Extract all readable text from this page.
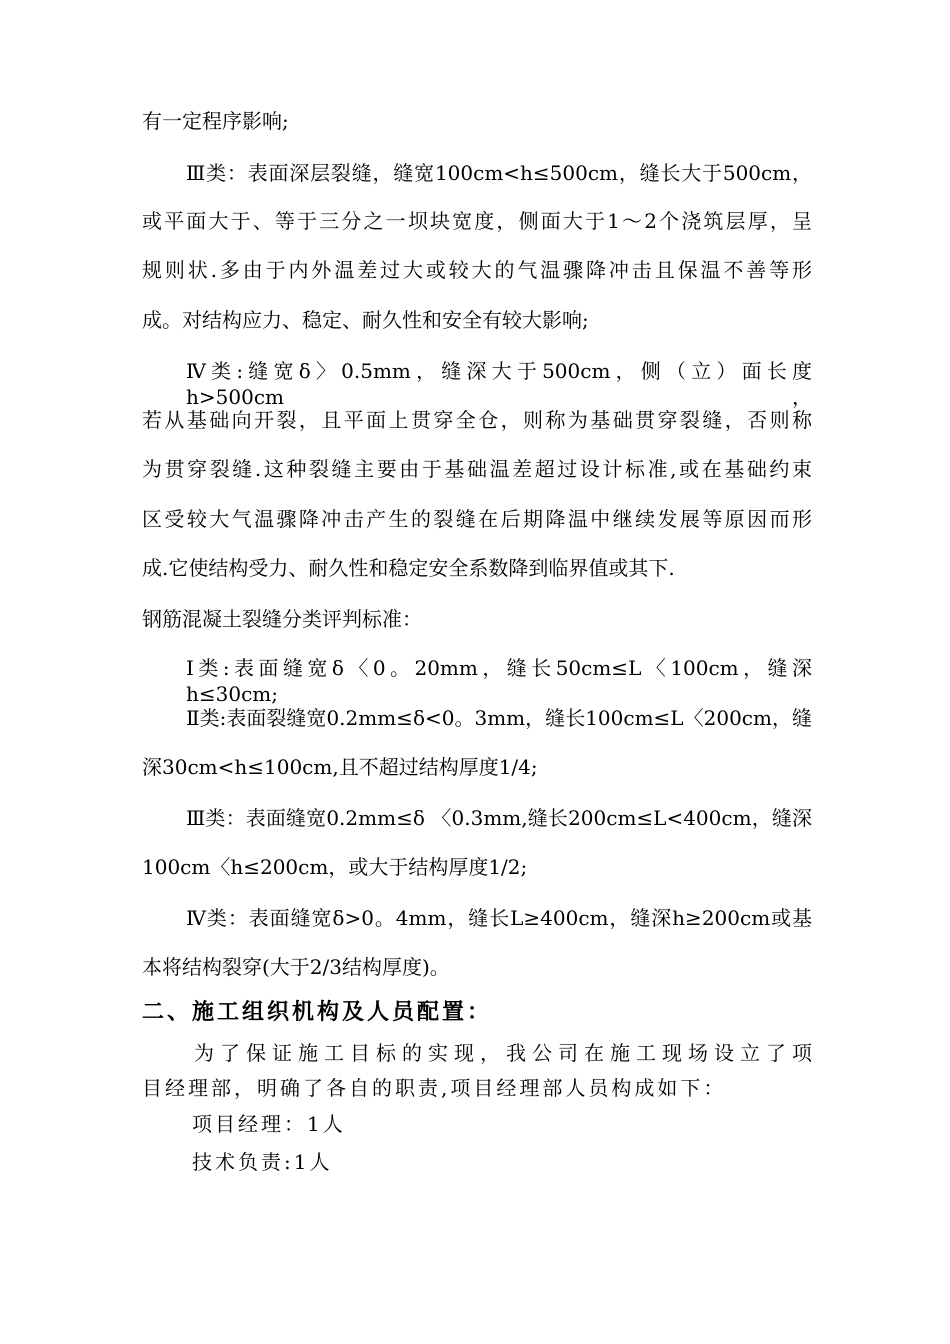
有一定程序影响;
Ⅲ类：表面深层裂缝，缝宽100cm<h≤500cm，缝长大于500cm，
或平面大于、等于三分之一坝块宽度，侧面大于1～2个浇筑层厚，呈
规则状.多由于内外温差过大或较大的气温骤降冲击且保温不善等形
成。对结构应力、稳定、耐久性和安全有较大影响;
Ⅳ类:缝宽δ〉0.5mm，缝深大于500cm，侧（立）面长度h>500cm，
若从基础向开裂，且平面上贯穿全仓，则称为基础贯穿裂缝，否则称
为贯穿裂缝.这种裂缝主要由于基础温差超过设计标准,或在基础约束
区受较大气温骤降冲击产生的裂缝在后期降温中继续发展等原因而形
成.它使结构受力、耐久性和稳定安全系数降到临界值或其下.
钢筋混凝土裂缝分类评判标准：
Ⅰ类:表面缝宽δ〈0。20mm，缝长50cm≤L〈100cm，缝深h≤30cm;
Ⅱ类:表面裂缝宽0.2mm≤δ<0。3mm，缝长100cm≤L〈200cm，缝
深30cm<h≤100cm,且不超过结构厚度1/4;
Ⅲ类：表面缝宽0.2mm≤δ 〈0.3mm,缝长200cm≤L<400cm，缝深
100cm〈h≤200cm，或大于结构厚度1/2;
Ⅳ类：表面缝宽δ>0。4mm，缝长L≥400cm，缝深h≥200cm或基
本将结构裂穿(大于2/3结构厚度)。
二、施工组织机构及人员配置：
为了保证施工目标的实现，我公司在施工现场设立了项
目经理部，明确了各自的职责,项目经理部人员构成如下：
项目经理：1人
技术负责:1人
